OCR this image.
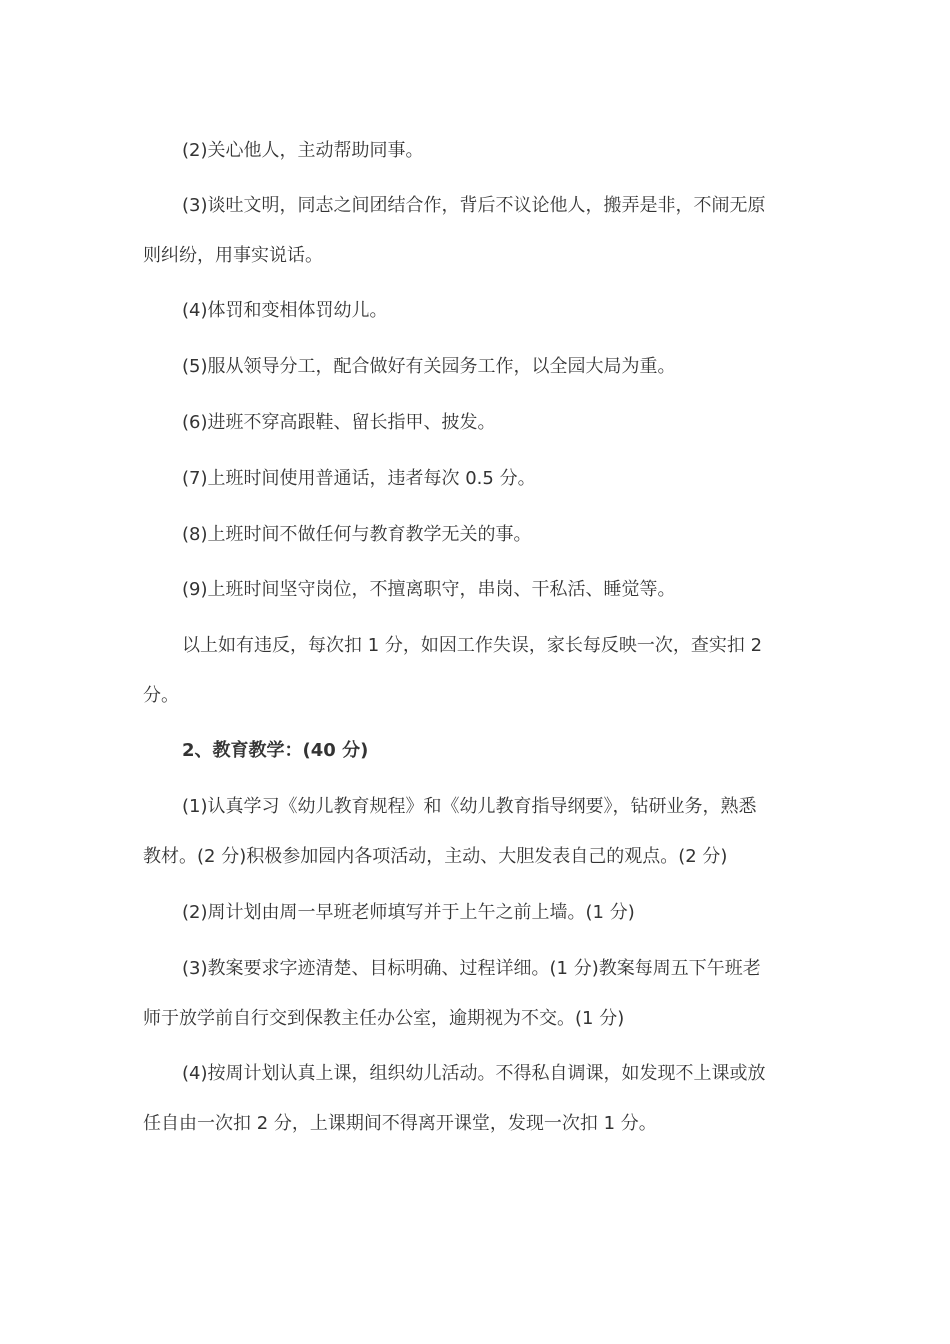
(2)关心他人，主动帮助同事。
(3)谈吐文明，同志之间团结合作，背后不议论他人，搬弄是非，不闹无原
则纠纷，用事实说话。
(4)体罚和变相体罚幼儿。
(5)服从领导分工，配合做好有关园务工作，以全园大局为重。
(6)进班不穿高跟鞋、留长指甲、披发。
(7)上班时间使用普通话，违者每次 0.5 分。
(8)上班时间不做任何与教育教学无关的事。
(9)上班时间坚守岗位，不擅离职守，串岗、干私活、睡觉等。
以上如有违反，每次扣 1 分，如因工作失误，家长每反映一次，查实扣 2
分。
2、教育教学：(40 分)
(1)认真学习《幼儿教育规程》和《幼儿教育指导纲要》，钻研业务，熟悉
教材。(2 分)积极参加园内各项活动，主动、大胆发表自己的观点。(2 分)
(2)周计划由周一早班老师填写并于上午之前上墙。(1 分)
(3)教案要求字迹清楚、目标明确、过程详细。(1 分)教案每周五下午班老
师于放学前自行交到保教主任办公室，逾期视为不交。(1 分)
(4)按周计划认真上课，组织幼儿活动。不得私自调课，如发现不上课或放
任自由一次扣 2 分，上课期间不得离开课堂，发现一次扣 1 分。
